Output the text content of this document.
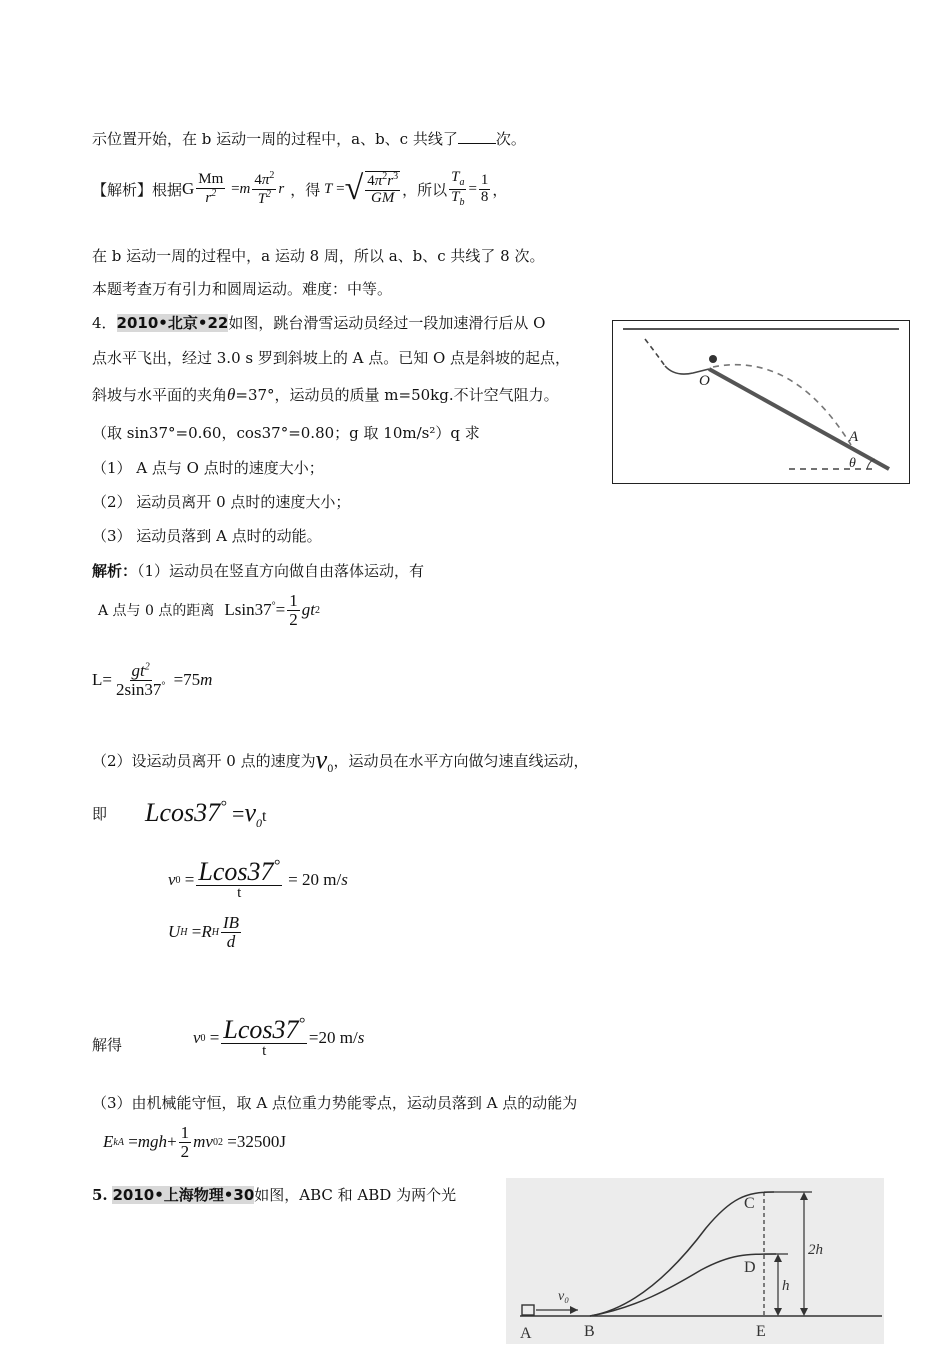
示位置开始，在 b 运动一周的过程中，a、b、c 共线了	次。
【解析】根据 G $\frac{Mm}{r^2} =m \frac{4\pi^2}{T^2}$ r ，得 T = √ $\frac{4\pi^2r^3}{GM}$ ，所以 $\frac{T_a}{T_b} = \frac{1}{8}$ ，
在 b 运动一周的过程中，a 运动 8 周，所以 a、b、c 共线了 8 次。
本题考查万有引力和圆周运动。难度：中等。
4．2010•北京•22如图，跳台滑雪运动员经过一段加速滑行后从 O
点水平飞出，经过 3.0 s 罗到斜坡上的 A 点。已知 O 点是斜坡的起点，
斜坡与水平面的夹角θ=37°，运动员的质量 m=50kg.不计空气阻力。
（取 sin37°=0.60，cos37°=0.80；g 取 10m/s²）q 求
（1） A 点与 O 点时的速度大小；
（2） 运动员离开 0 点时的速度大小；
（3） 运动员落到 A 点时的动能。
O
A
θ
解析：（1）运动员在竖直方向做自由落体运动，有
A 点与 0 点的距离 $Lsin37^\circ= \frac{1}{2}$ gt 2
$L= \frac{gt^2}{2\sin 37^\circ} =75m$
（2）设运动员离开 0 点的速度为 $v_0$ ，运动员在水平方向做匀速直线运动，
即 $Lcos37^\circ =v_0t$
v $0 = \frac{Lcos37^\circ}{t} = 20$ m/s
U H = R H $\frac{IB}{d}$
解得	v $0 = \frac{Lcos37^\circ}{t} =20$ m/s
（3）由机械能守恒，取 A 点位重力势能零点，运动员落到 A 点的动能为
E kA = mgh + $\frac{1}{2}$ mv 0 2 =32500J
5. 2010•上海物理•30如图，ABC 和 ABD 为两个光	C
D
A	B	E
v₀
2h
h
